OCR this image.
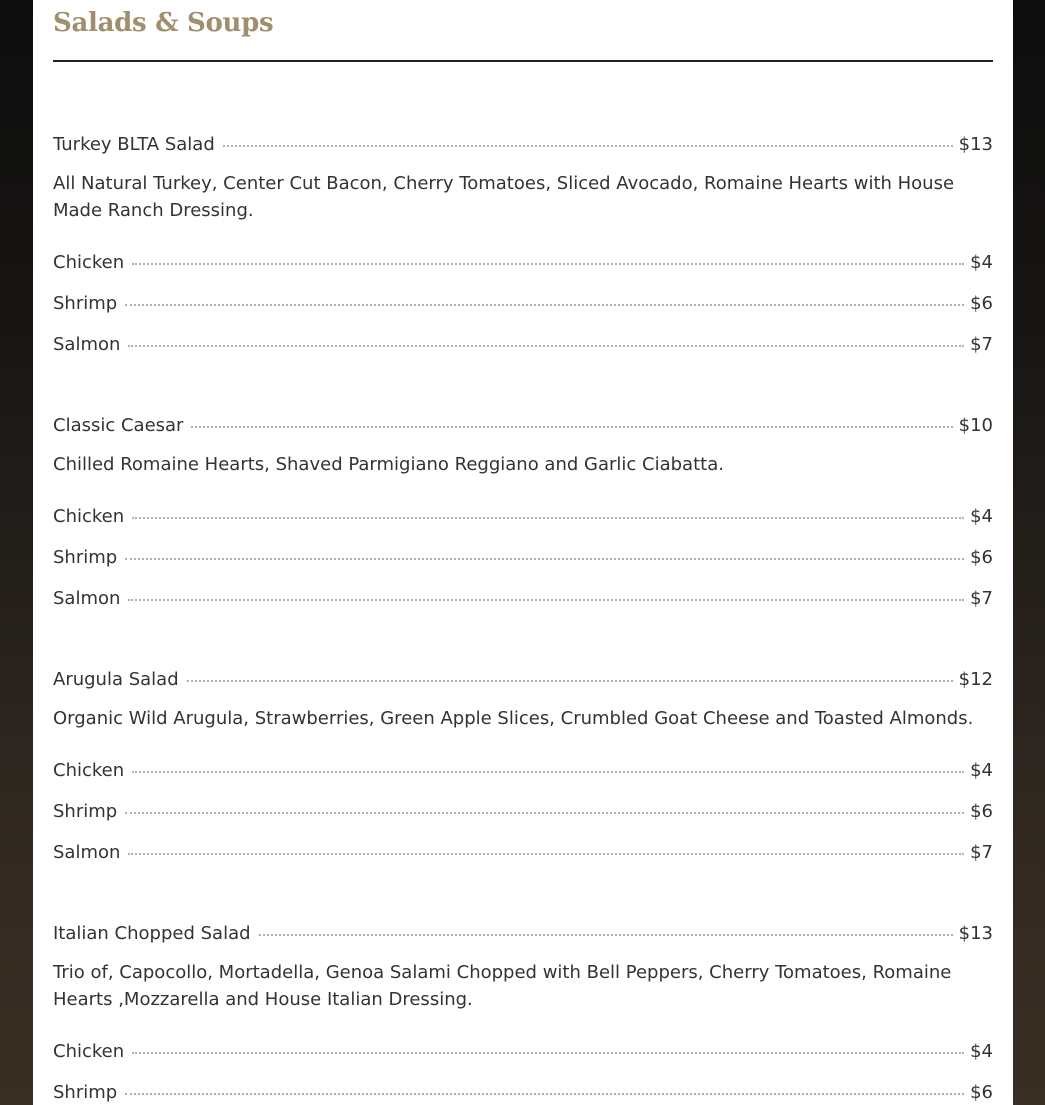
Salads & Soups
Turkey BLTA Salad	$13

All Natural Turkey, Center Cut Bacon, Cherry Tomatoes, Sliced Avocado, Romaine Hearts with House Made Ranch Dressing.

Chicken	$4
Shrimp	$6
Salmon	$7
Classic Caesar	$10

Chilled Romaine Hearts, Shaved Parmigiano Reggiano and Garlic Ciabatta.

Chicken	$4
Shrimp	$6
Salmon	$7
Arugula Salad	$12

Organic Wild Arugula, Strawberries, Green Apple Slices, Crumbled Goat Cheese and Toasted Almonds.

Chicken	$4
Shrimp	$6
Salmon	$7
Italian Chopped Salad	$13

Trio of, Capocollo, Mortadella, Genoa Salami Chopped with Bell Peppers, Cherry Tomatoes, Romaine Hearts ,Mozzarella and House Italian Dressing.

Chicken	$4
Shrimp	$6
